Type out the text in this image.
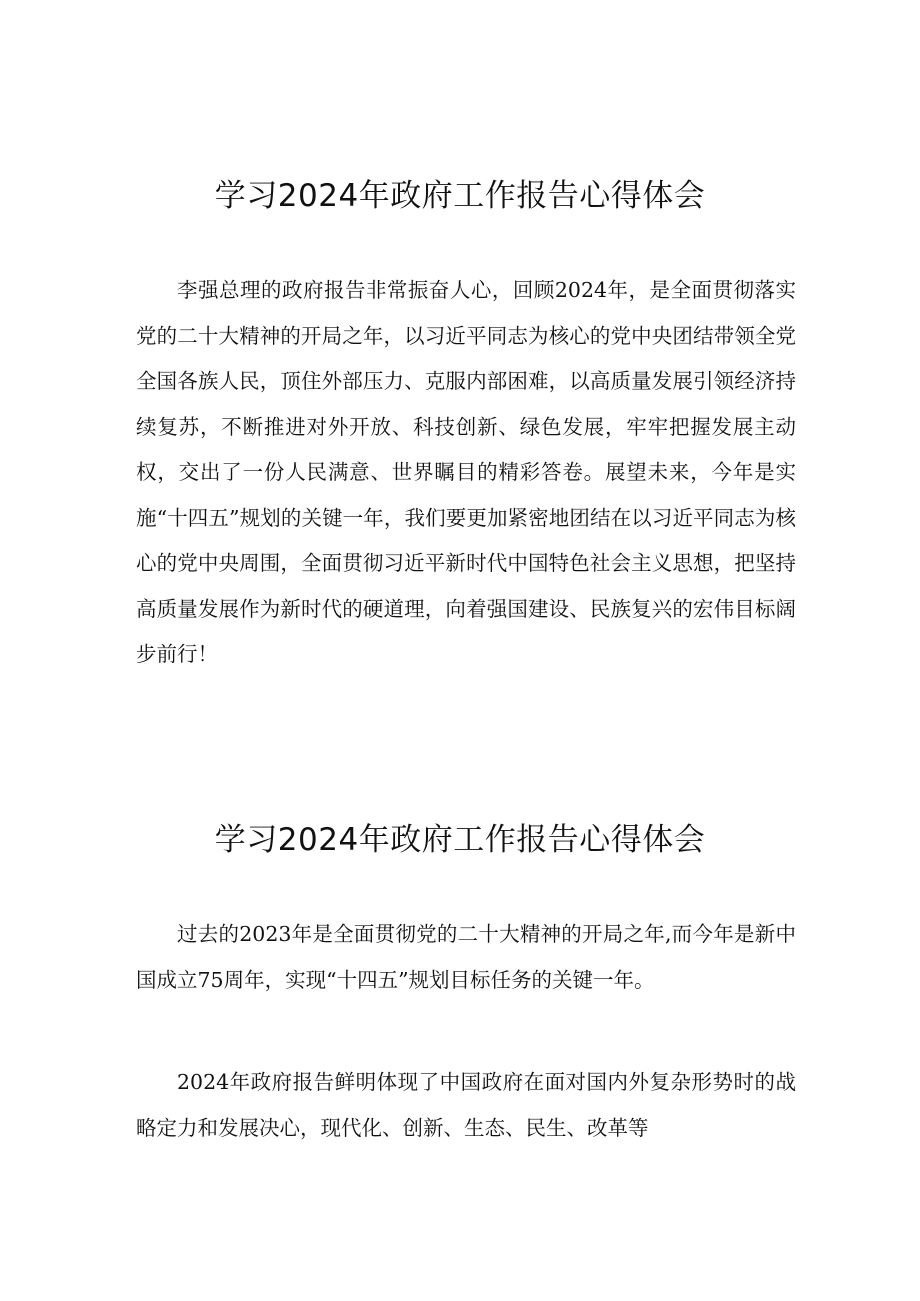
学习2024年政府工作报告心得体会

李强总理的政府报告非常振奋人心，回顾2024年，是全面贯彻落实党的二十大精神的开局之年，以习近平同志为核心的党中央团结带领全党全国各族人民，顶住外部压力、克服内部困难，以高质量发展引领经济持续复苏，不断推进对外开放、科技创新、绿色发展，牢牢把握发展主动权，交出了一份人民满意、世界瞩目的精彩答卷。展望未来，今年是实施“十四五”规划的关键一年，我们要更加紧密地团结在以习近平同志为核心的党中央周围，全面贯彻习近平新时代中国特色社会主义思想，把坚持高质量发展作为新时代的硬道理，向着强国建设、民族复兴的宏伟目标阔步前行！

学习2024年政府工作报告心得体会

过去的2023年是全面贯彻党的二十大精神的开局之年,而今年是新中国成立75周年，实现“十四五”规划目标任务的关键一年。

2024年政府报告鲜明体现了中国政府在面对国内外复杂形势时的战略定力和发展决心，现代化、创新、生态、民生、改革等
